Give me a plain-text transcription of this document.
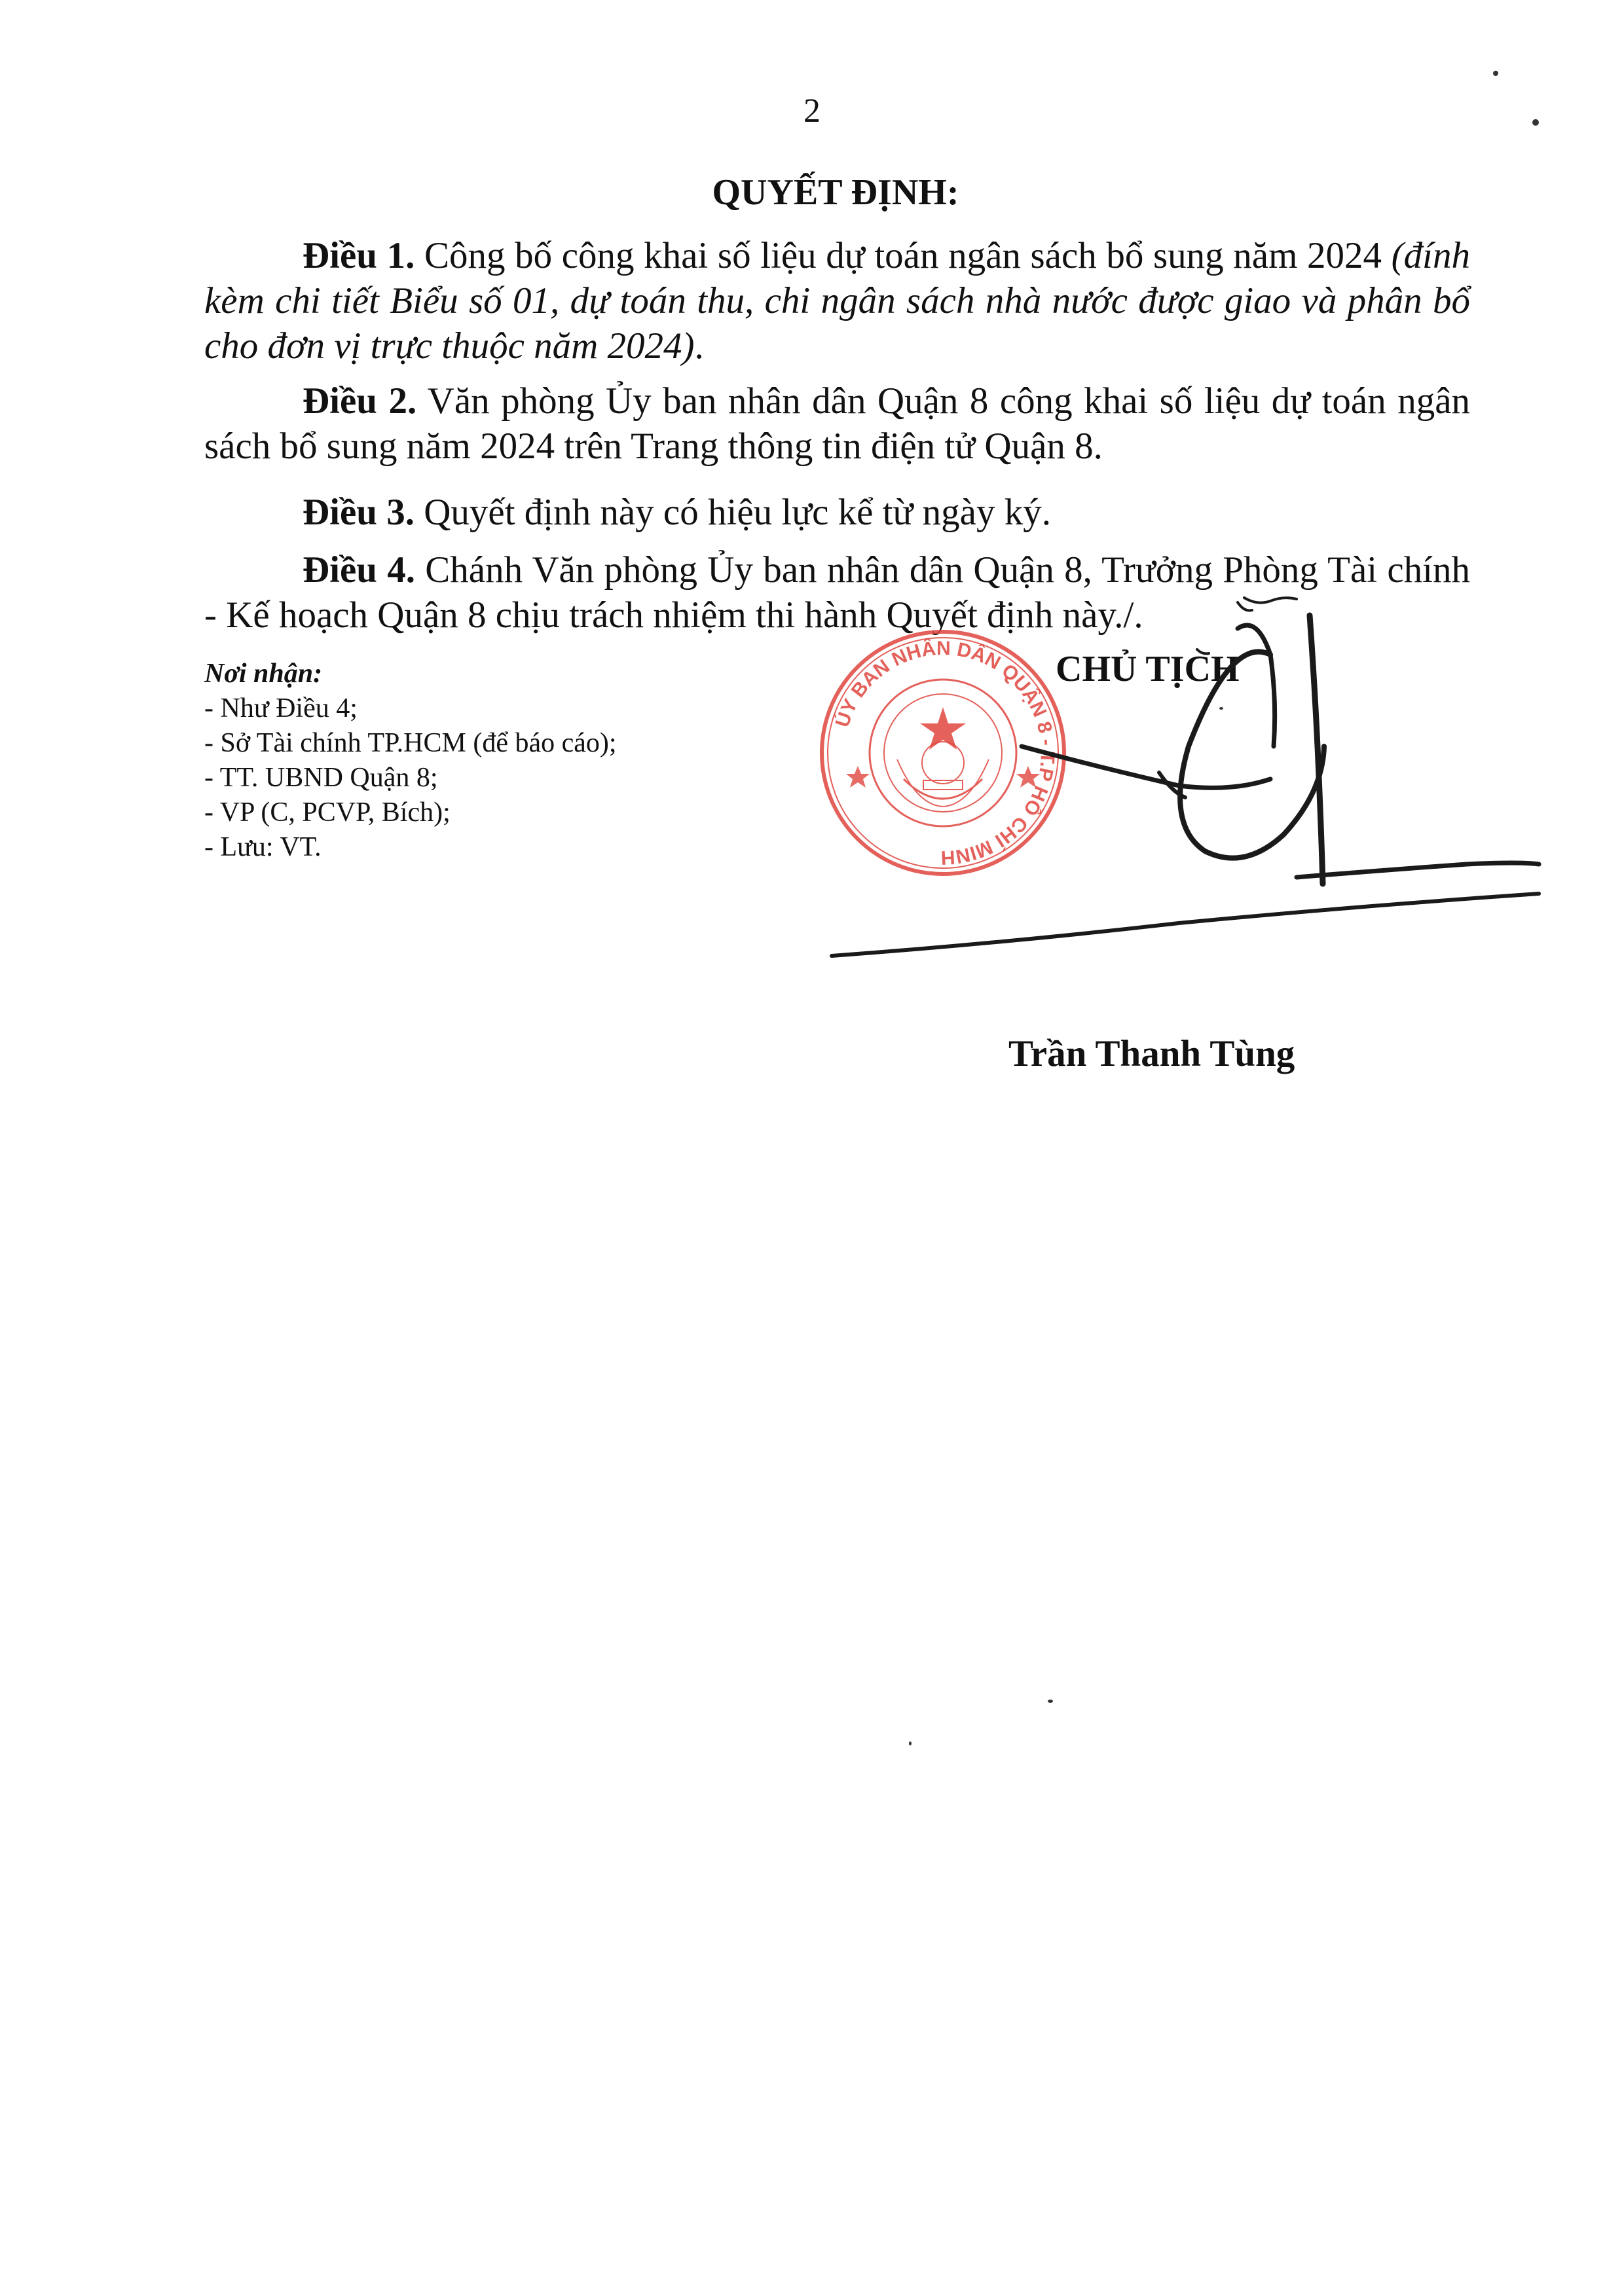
2
QUYẾT ĐỊNH:

Điều 1. Công bố công khai số liệu dự toán ngân sách bổ sung năm 2024 (đính kèm chi tiết Biểu số 01, dự toán thu, chi ngân sách nhà nước được giao và phân bổ cho đơn vị trực thuộc năm 2024).

Điều 2. Văn phòng Ủy ban nhân dân Quận 8 công khai số liệu dự toán ngân sách bổ sung năm 2024 trên Trang thông tin điện tử Quận 8.

Điều 3. Quyết định này có hiệu lực kể từ ngày ký.

Điều 4. Chánh Văn phòng Ủy ban nhân dân Quận 8, Trưởng Phòng Tài chính - Kế hoạch Quận 8 chịu trách nhiệm thi hành Quyết định này./.

Nơi nhận:
- Như Điều 4;
- Sở Tài chính TP.HCM (để báo cáo);
- TT. UBND Quận 8;
- VP (C, PCVP, Bích);
- Lưu: VT.
ỦY BAN NHÂN DÂN QUẬN 8 - T.P HỒ CHÍ MINH
CHỦ TỊCH
Trần Thanh Tùng
